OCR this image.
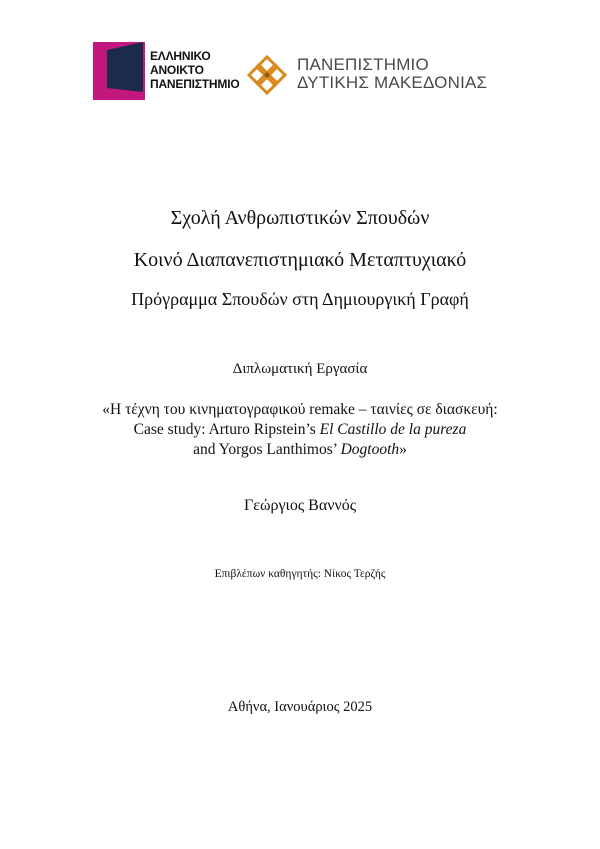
ΕΛΛΗΝΙΚΟ
ΑΝΟΙΚΤΟ
ΠΑΝΕΠΙΣΤΗΜΙΟ
ΠΑΝΕΠΙΣΤΗΜΙΟ
ΔΥΤΙΚΗΣ ΜΑΚΕΔΟΝΙΑΣ
Σχολή Ανθρωπιστικών Σπουδών
Κοινό Διαπανεπιστημιακό Μεταπτυχιακό
Πρόγραμμα Σπουδών στη Δημιουργική Γραφή
Διπλωματική Εργασία
«Η τέχνη του κινηματογραφικού remake – ταινίες σε διασκευή:
Case study: Arturo Ripstein’s El Castillo de la pureza
and Yorgos Lanthimos’ Dogtooth»
Γεώργιος Βαννός
Επιβλέπων καθηγητής: Νίκος Τερζής
Αθήνα, Ιανουάριος 2025
